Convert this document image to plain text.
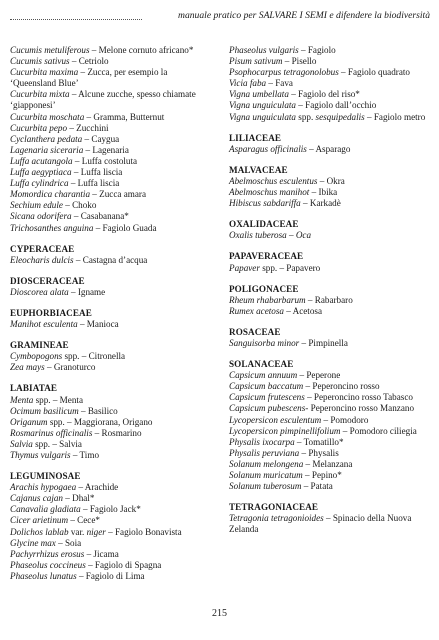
manuale pratico per SALVARE I SEMI e difendere la biodiversità
Cucumis metuliferous – Melone cornuto africano*
Cucumis sativus – Cetriolo
Cucurbita maxima – Zucca, per esempio la ‘Queensland Blue’
Cucurbita mixta – Alcune zucche, spesso chiamate ‘giapponesi’
Cucurbita moschata – Gramma, Butternut
Cucurbita pepo – Zucchini
Cyclanthera pedata – Caygua
Lagenaria siceraria – Lagenaria
Luffa acutangola – Luffa costoluta
Luffa aegyptiaca – Luffa liscia
Luffa cylindrica – Luffa liscia
Momordica charantia – Zucca amara
Sechium edule – Choko
Sicana odorifera – Casabanana*
Trichosanthes anguina – Fagiolo Guada
CYPERACEAE
Eleocharis dulcis – Castagna d’acqua
DIOSCERACEAE
Dioscorea alata – Igname
EUPHORBIACEAE
Manihot esculenta – Manioca
GRAMINEAE
Cymbopogons spp. – Citronella
Zea mays – Granoturco
LABIATAE
Menta spp. – Menta
Ocimum basilicum – Basilico
Origanum spp. – Maggiorana, Origano
Rosmarinus officinalis – Rosmarino
Salvia spp. – Salvia
Thymus vulgaris – Timo
LEGUMINOSAE
Arachis hypogaea – Arachide
Cajanus cajan – Dhal*
Canavalia gladiata – Fagiolo Jack*
Cicer arietinum – Cece*
Dolichos lablab var. niger – Fagiolo Bonavista
Glycine max – Soia
Pachyrrhizus erosus – Jicama
Phaseolus coccineus – Fagiolo di Spagna
Phaseolus lunatus – Fagiolo di Lima
Phaseolus vulgaris – Fagiolo
Pisum sativum – Pisello
Psophocarpus tetragonolobus – Fagiolo quadrato
Vicia faba – Fava
Vigna umbellata – Fagiolo del riso*
Vigna unguiculata – Fagiolo dall’occhio
Vigna unguiculata spp. sesquipedalis – Fagiolo metro
LILIACEAE
Asparagus officinalis – Asparago
MALVACEAE
Abelmoschus esculentus – Okra
Abelmoschus manihot – Ibika
Hibiscus sabdariffa – Karkadè
OXALIDACEAE
Oxalis tuberosa – Oca
PAPAVERACEAE
Papaver spp. – Papavero
POLIGONACEE
Rheum rhabarbarum – Rabarbaro
Rumex acetosa – Acetosa
ROSACEAE
Sanguisorba minor – Pimpinella
SOLANACEAE
Capsicum annuum – Peperone
Capsicum baccatum – Peperoncino rosso
Capsicum frutescens – Peperoncino rosso Tabasco
Capsicum pubescens- Peperoncino rosso Manzano
Lycopersicon esculentum – Pomodoro
Lycopersicon pimpinellifolium – Pomodoro ciliegia
Physalis ixocarpa – Tomatillo*
Physalis peruviana – Physalis
Solanum melongena – Melanzana
Solanum muricatum – Pepino*
Solanum tuberosum – Patata
TETRAGONIACEAE
Tetragonia tetragonioides – Spinacio della Nuova Zelanda
215
